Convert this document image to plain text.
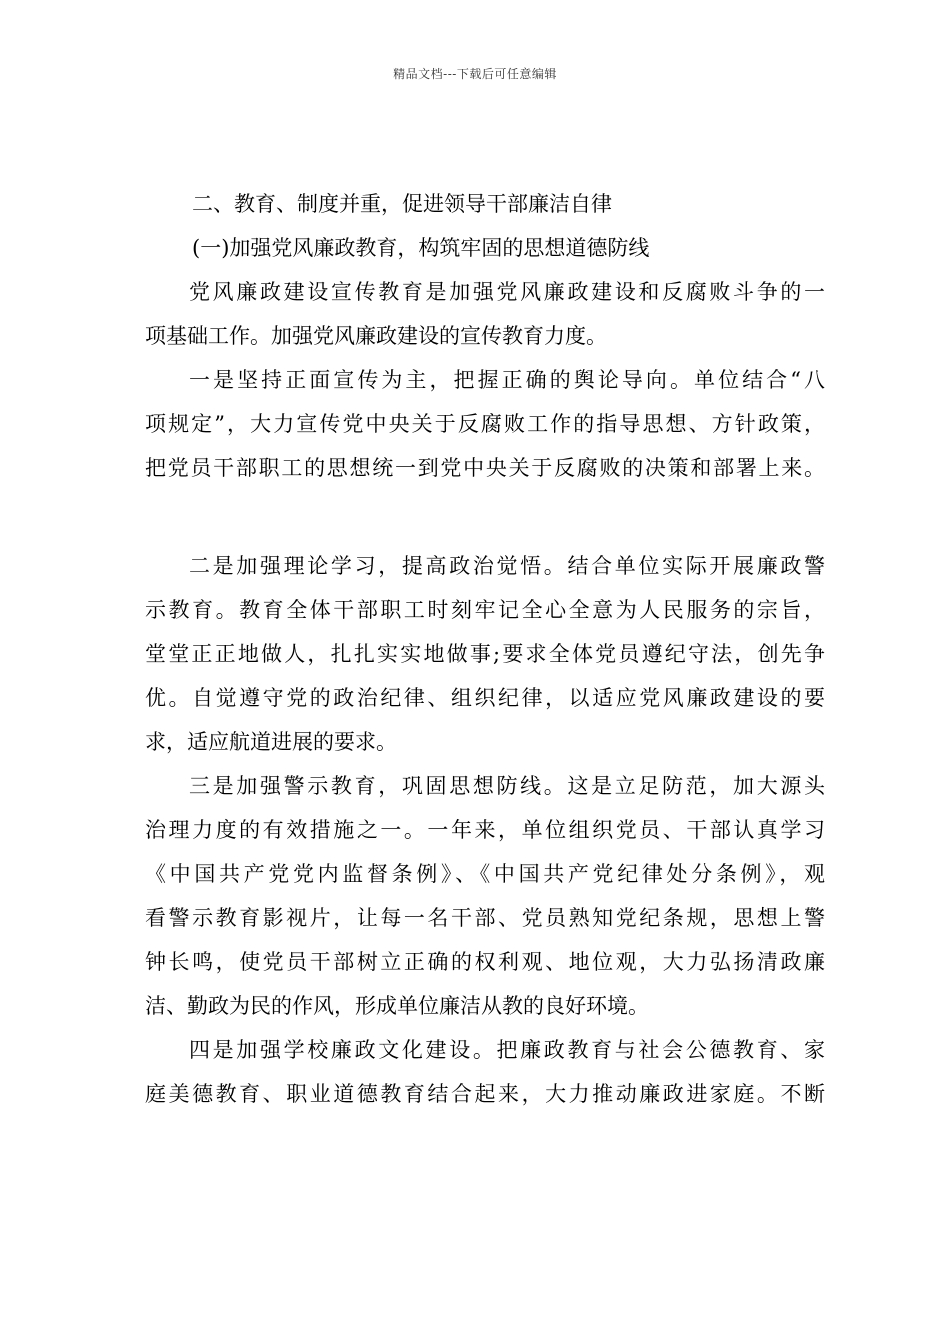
精品文档---下载后可任意编辑
二、教育、制度并重，促进领导干部廉洁自律
(一)加强党风廉政教育，构筑牢固的思想道德防线
党风廉政建设宣传教育是加强党风廉政建设和反腐败斗争的一
项基础工作。加强党风廉政建设的宣传教育力度。
一是坚持正面宣传为主，把握正确的舆论导向。单位结合“八
项规定”，大力宣传党中央关于反腐败工作的指导思想、方针政策，
把党员干部职工的思想统一到党中央关于反腐败的决策和部署上来。
二是加强理论学习，提高政治觉悟。结合单位实际开展廉政警
示教育。教育全体干部职工时刻牢记全心全意为人民服务的宗旨，
堂堂正正地做人，扎扎实实地做事;要求全体党员遵纪守法，创先争
优。自觉遵守党的政治纪律、组织纪律，以适应党风廉政建设的要
求，适应航道进展的要求。
三是加强警示教育，巩固思想防线。这是立足防范，加大源头
治理力度的有效措施之一。一年来，单位组织党员、干部认真学习
《中国共产党党内监督条例》、《中国共产党纪律处分条例》，观
看警示教育影视片，让每一名干部、党员熟知党纪条规，思想上警
钟长鸣，使党员干部树立正确的权利观、地位观，大力弘扬清政廉
洁、勤政为民的作风，形成单位廉洁从教的良好环境。
四是加强学校廉政文化建设。把廉政教育与社会公德教育、家
庭美德教育、职业道德教育结合起来，大力推动廉政进家庭。不断
